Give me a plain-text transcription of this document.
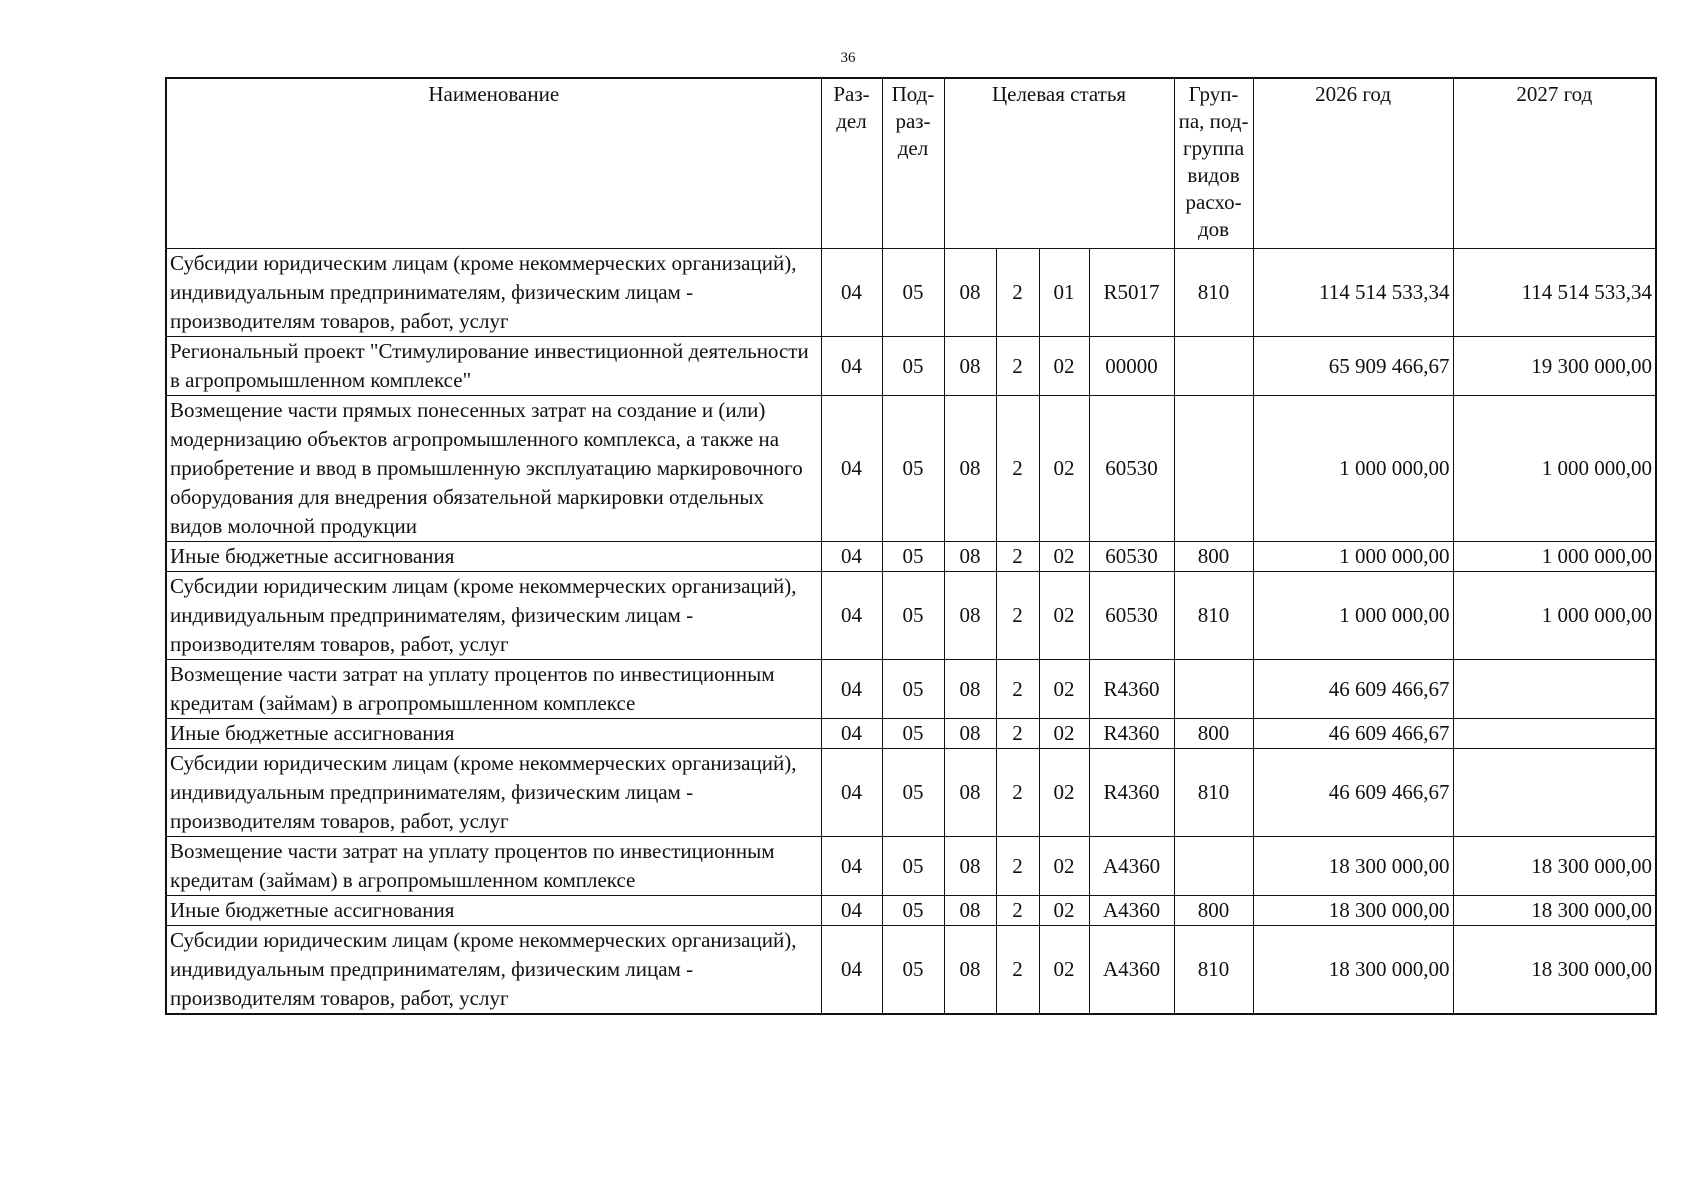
36
Наименование	Раз-дел	Под-раз-дел	Целевая статья				Груп-па, под-группа видов расхо-дов	2026 год	2027 год
Субсидии юридическим лицам (кроме некоммерческих организаций), индивидуальным предпринимателям, физическим лицам - производителям товаров, работ, услуг	04	05	08	2	01	R5017	810	114 514 533,34	114 514 533,34
Региональный проект "Стимулирование инвестиционной деятельности в агропромышленном комплексе"	04	05	08	2	02	00000		65 909 466,67	19 300 000,00
Возмещение части прямых понесенных затрат на создание и (или) модернизацию объектов агропромышленного комплекса, а также на приобретение и ввод в промышленную эксплуатацию маркировочного оборудования для внедрения обязательной маркировки отдельных видов молочной продукции	04	05	08	2	02	60530		1 000 000,00	1 000 000,00
Иные бюджетные ассигнования	04	05	08	2	02	60530	800	1 000 000,00	1 000 000,00
Субсидии юридическим лицам (кроме некоммерческих организаций), индивидуальным предпринимателям, физическим лицам - производителям товаров, работ, услуг	04	05	08	2	02	60530	810	1 000 000,00	1 000 000,00
Возмещение части затрат на уплату процентов по инвестиционным кредитам (займам) в агропромышленном комплексе	04	05	08	2	02	R4360		46 609 466,67	
Иные бюджетные ассигнования	04	05	08	2	02	R4360	800	46 609 466,67	
Субсидии юридическим лицам (кроме некоммерческих организаций), индивидуальным предпринимателям, физическим лицам - производителям товаров, работ, услуг	04	05	08	2	02	R4360	810	46 609 466,67	
Возмещение части затрат на уплату процентов по инвестиционным кредитам (займам) в агропромышленном комплексе	04	05	08	2	02	A4360		18 300 000,00	18 300 000,00
Иные бюджетные ассигнования	04	05	08	2	02	A4360	800	18 300 000,00	18 300 000,00
Субсидии юридическим лицам (кроме некоммерческих организаций), индивидуальным предпринимателям, физическим лицам - производителям товаров, работ, услуг	04	05	08	2	02	A4360	810	18 300 000,00	18 300 000,00
